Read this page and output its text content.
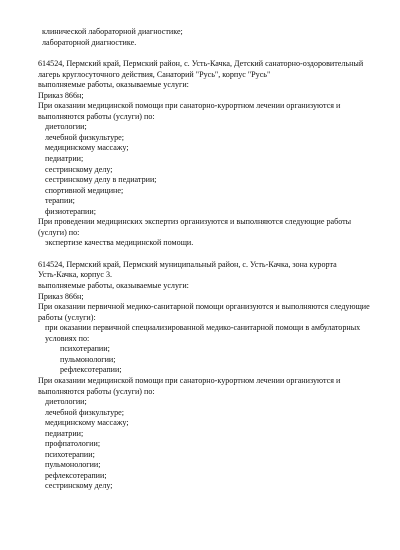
клинической лабораторной диагностике;
лабораторной диагностике.
614524, Пермский край, Пермский район, с. Усть-Качка, Детский санаторно-оздоровительный
лагерь круглосуточного действия, Санаторий "Русь", корпус "Русь"
выполняемые работы, оказываемые услуги:
Приказ 866н;
При оказании медицинской помощи при санаторно-курортном лечении организуются и
выполняются работы (услуги) по:
диетологии;
лечебной физкультуре;
медицинскому массажу;
педиатрии;
сестринскому делу;
сестринскому делу в педиатрии;
спортивной медицине;
терапии;
физиотерапии;
При проведении медицинских экспертиз организуются и выполняются следующие работы
(услуги) по:
экспертизе качества медицинской помощи.
614524, Пермский край, Пермский муниципальный район, с. Усть-Качка, зона курорта
Усть-Качка, корпус 3.
выполняемые работы, оказываемые услуги:
Приказ 866н;
При оказании первичной медико-санитарной помощи организуются и выполняются следующие
работы (услуги):
при оказании первичной специализированной медико-санитарной помощи в амбулаторных
условиях по:
психотерапии;
пульмонологии;
рефлексотерапии;
При оказании медицинской помощи при санаторно-курортном лечении организуются и
выполняются работы (услуги) по:
диетологии;
лечебной физкультуре;
медицинскому массажу;
педиатрии;
профпатологии;
психотерапии;
пульмонологии;
рефлексотерапии;
сестринскому делу;
